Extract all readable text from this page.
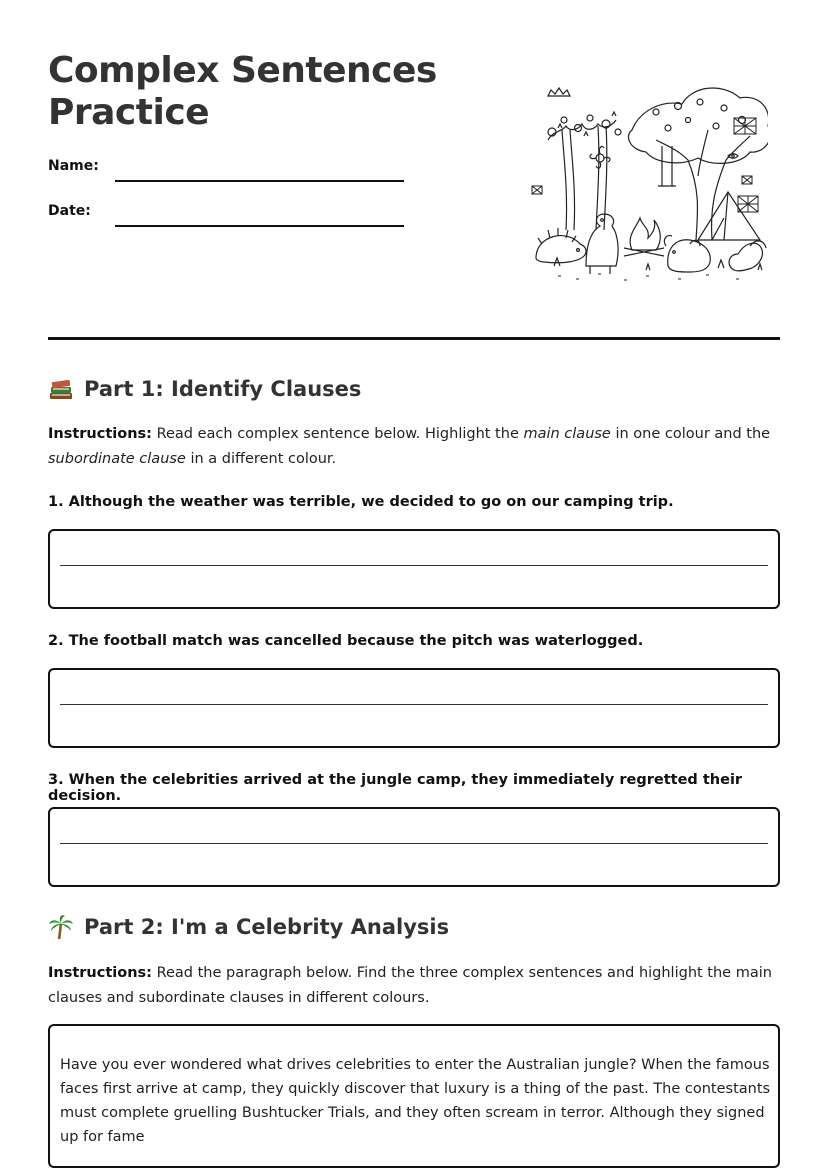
Complex Sentences Practice
Name:
Date:
Part 1: Identify Clauses

Instructions: Read each complex sentence below. Highlight the main clause in one colour and the subordinate clause in a different colour.

1. Although the weather was terrible, we decided to go on our camping trip.

2. The football match was cancelled because the pitch was waterlogged.

3. When the celebrities arrived at the jungle camp, they immediately regretted their decision.

Part 2: I'm a Celebrity Analysis

Instructions: Read the paragraph below. Find the three complex sentences and highlight the main clauses and subordinate clauses in different colours.

Have you ever wondered what drives celebrities to enter the Australian jungle? When the famous faces first arrive at camp, they quickly discover that luxury is a thing of the past. The contestants must complete gruelling Bushtucker Trials, and they often scream in terror. Although they signed up for fame
